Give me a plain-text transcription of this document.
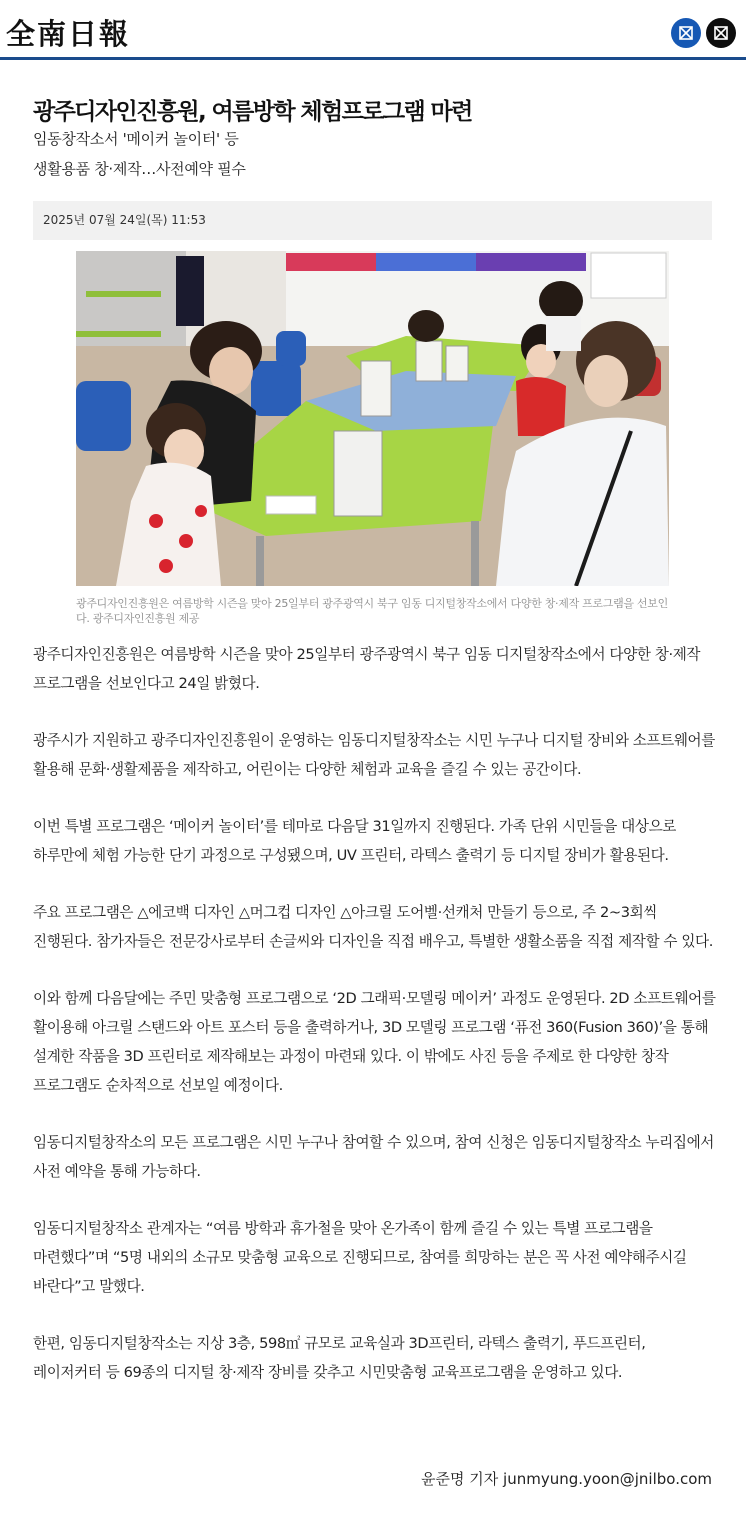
全南日報
광주디자인진흥원, 여름방학 체험프로그램 마련
임동창작소서 '메이커 놀이터' 등
생활용품 창·제작…사전예약 필수
2025년 07월 24일(목) 11:53

광주디자인진흥원은 여름방학 시즌을 맞아 25일부터 광주광역시 북구 임동 디지털창작소에서 다양한 창·제작 프로그램을 선보인다. 광주디자인진흥원 제공

광주디자인진흥원은 여름방학 시즌을 맞아 25일부터 광주광역시 북구 임동 디지털창작소에서 다양한 창·제작 프로그램을 선보인다고 24일 밝혔다.

광주시가 지원하고 광주디자인진흥원이 운영하는 임동디지털창작소는 시민 누구나 디지털 장비와 소프트웨어를 활용해 문화·생활제품을 제작하고, 어린이는 다양한 체험과 교육을 즐길 수 있는 공간이다.

이번 특별 프로그램은 ‘메이커 놀이터’를 테마로 다음달 31일까지 진행된다. 가족 단위 시민들을 대상으로 하루만에 체험 가능한 단기 과정으로 구성됐으며, UV 프린터, 라텍스 출력기 등 디지털 장비가 활용된다.

주요 프로그램은 △에코백 디자인 △머그컵 디자인 △아크릴 도어벨·선캐처 만들기 등으로, 주 2~3회씩 진행된다. 참가자들은 전문강사로부터 손글씨와 디자인을 직접 배우고, 특별한 생활소품을 직접 제작할 수 있다.

이와 함께 다음달에는 주민 맞춤형 프로그램으로 ‘2D 그래픽·모델링 메이커’ 과정도 운영된다. 2D 소프트웨어를 활이용해 아크릴 스탠드와 아트 포스터 등을 출력하거나, 3D 모델링 프로그램 ‘퓨전 360(Fusion 360)’을 통해 설계한 작품을 3D 프린터로 제작해보는 과정이 마련돼 있다. 이 밖에도 사진 등을 주제로 한 다양한 창작 프로그램도 순차적으로 선보일 예정이다.

임동디지털창작소의 모든 프로그램은 시민 누구나 참여할 수 있으며, 참여 신청은 임동디지털창작소 누리집에서 사전 예약을 통해 가능하다.

임동디지털창작소 관계자는 “여름 방학과 휴가철을 맞아 온가족이 함께 즐길 수 있는 특별 프로그램을 마련했다”며 “5명 내외의 소규모 맞춤형 교육으로 진행되므로, 참여를 희망하는 분은 꼭 사전 예약해주시길 바란다”고 말했다.

한편, 임동디지털창작소는 지상 3층, 598㎡ 규모로 교육실과 3D프린터, 라텍스 출력기, 푸드프린터, 레이저커터 등 69종의 디지털 창·제작 장비를 갖추고 시민맞춤형 교육프로그램을 운영하고 있다.

윤준명 기자 junmyung.yoon@jnilbo.com
